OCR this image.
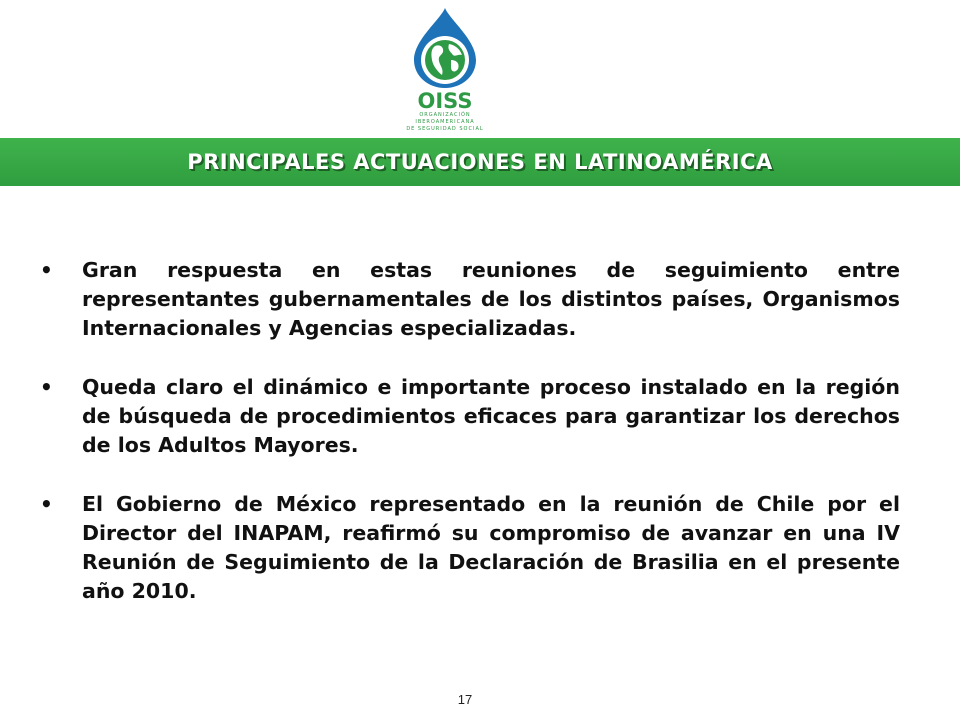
OISS
ORGANIZACIÓN
IBEROAMERICANA
DE SEGURIDAD SOCIAL
PRINCIPALES ACTUACIONES EN LATINOAMÉRICA
• Gran respuesta en estas reuniones de seguimiento entre representantes gubernamentales de los distintos países, Organismos Internacionales y Agencias especializadas.
• Queda claro el dinámico e importante proceso instalado en la región de búsqueda de procedimientos eficaces para garantizar los derechos de los Adultos Mayores.
• El Gobierno de México representado en la reunión de Chile por el Director del INAPAM, reafirmó su compromiso de avanzar en una IV Reunión de Seguimiento de la Declaración de Brasilia en el presente año 2010.
17
